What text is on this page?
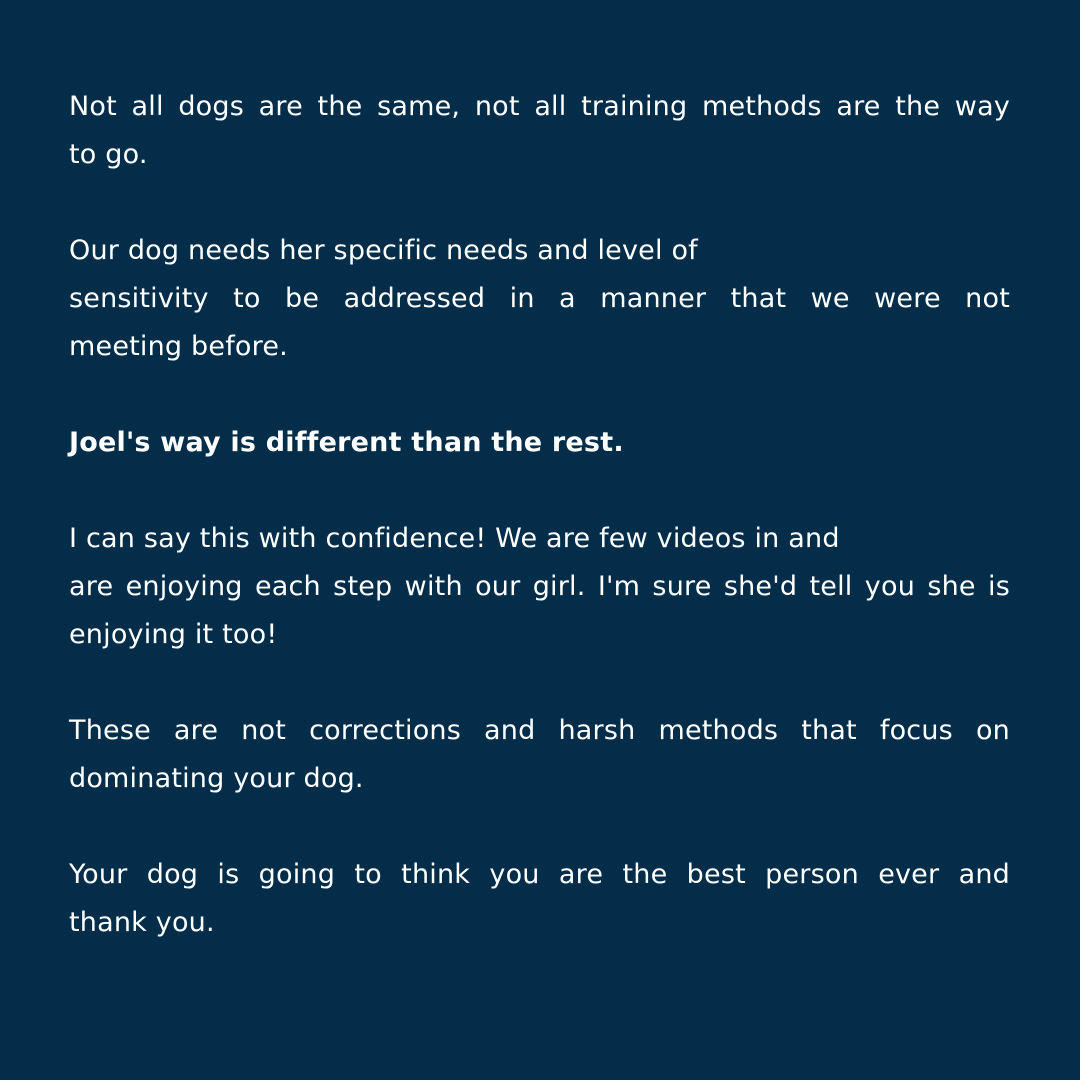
Not all dogs are the same, not all training methods are the way
to go.

Our dog needs her specific needs and level of
sensitivity to be addressed in a manner that we were not
meeting before.

Joel's way is different than the rest.

I can say this with confidence! We are few videos in and
are enjoying each step with our girl. I'm sure she'd tell you she is
enjoying it too!

These are not corrections and harsh methods that focus on
dominating your dog.

Your dog is going to think you are the best person ever and
thank you.
